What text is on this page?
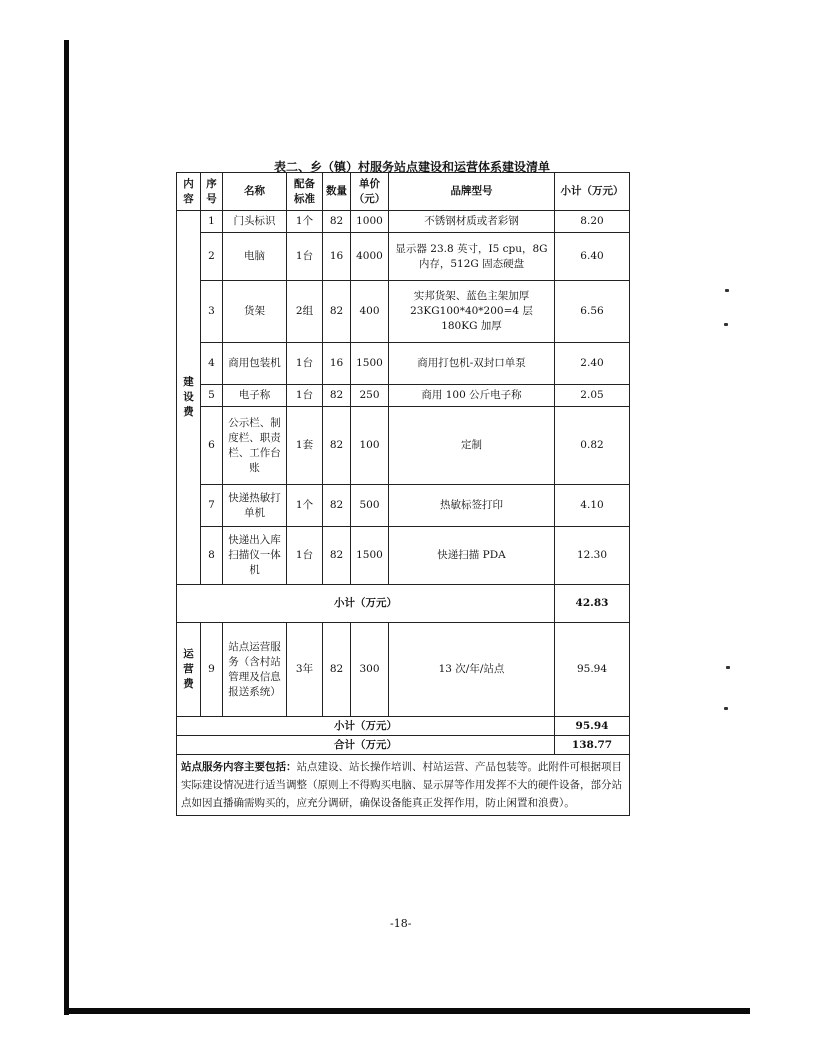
表二、乡（镇）村服务站点建设和运营体系建设清单
内容	序号	名称	配备标准	数量	单价（元）	品牌型号	小计（万元）
建设费	1	门头标识	1个	82	1000	不锈钢材质或者彩钢	8.20
	2	电脑	1台	16	4000	显示器 23.8 英寸，I5 cpu，8G 内存，512G 固态硬盘	6.40
	3	货架	2组	82	400	实邦货架、蓝色主架加厚 23KG100*40*200=4 层 180KG 加厚	6.56
	4	商用包装机	1台	16	1500	商用打包机-双封口单泵	2.40
	5	电子称	1台	82	250	商用 100 公斤电子称	2.05
	6	公示栏、制度栏、职责栏、工作台账	1套	82	100	定制	0.82
	7	快递热敏打单机	1个	82	500	热敏标签打印	4.10
	8	快递出入库扫描仪一体机	1台	82	1500	快递扫描 PDA	12.30
小计（万元）							42.83
运营费	9	站点运营服务（含村站管理及信息报送系统）	3年	82	300	13 次/年/站点	95.94
小计（万元）							95.94
合计（万元）							138.77
站点服务内容主要包括：站点建设、站长操作培训、村站运营、产品包装等。此附件可根据项目实际建设情况进行适当调整（原则上不得购买电脑、显示屏等作用发挥不大的硬件设备，部分站点如因直播确需购买的，应充分调研，确保设备能真正发挥作用，防止闲置和浪费）。							
-18-
